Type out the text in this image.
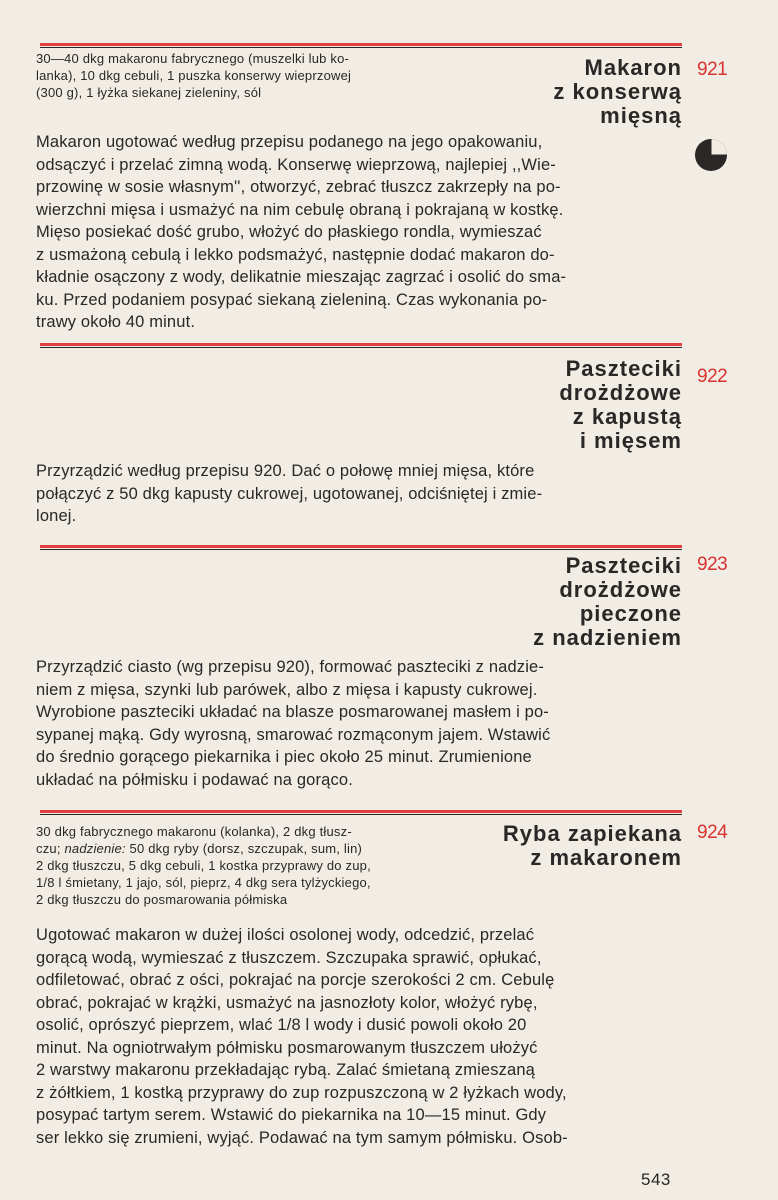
30—40 dkg makaronu fabrycznego (muszelki lub ko-
lanka), 10 dkg cebuli, 1 puszka konserwy wieprzowej
(300 g), 1 łyżka siekanej zieleniny, sól
Makaron
z konserwą
mięsną
921
Makaron ugotować według przepisu podanego na jego opakowaniu,
odsączyć i przelać zimną wodą. Konserwę wieprzową, najlepiej ,,Wie-
przowinę w sosie własnym'', otworzyć, zebrać tłuszcz zakrzepły na po-
wierzchni mięsa i usmażyć na nim cebulę obraną i pokrajaną w kostkę.
Mięso posiekać dość grubo, włożyć do płaskiego rondla, wymieszać
z usmażoną cebulą i lekko podsmażyć, następnie dodać makaron do-
kładnie osączony z wody, delikatnie mieszając zagrzać i osolić do sma-
ku. Przed podaniem posypać siekaną zieleniną. Czas wykonania po-
trawy około 40 minut.
Paszteciki
drożdżowe
z kapustą
i mięsem
922
Przyrządzić według przepisu 920. Dać o połowę mniej mięsa, które
połączyć z 50 dkg kapusty cukrowej, ugotowanej, odciśniętej i zmie-
lonej.
Paszteciki
drożdżowe
pieczone
z nadzieniem
923
Przyrządzić ciasto (wg przepisu 920), formować paszteciki z nadzie-
niem z mięsa, szynki lub parówek, albo z mięsa i kapusty cukrowej.
Wyrobione paszteciki układać na blasze posmarowanej masłem i po-
sypanej mąką. Gdy wyrosną, smarować rozmąconym jajem. Wstawić
do średnio gorącego piekarnika i piec około 25 minut. Zrumienione
układać na półmisku i podawać na gorąco.
30 dkg fabrycznego makaronu (kolanka), 2 dkg tłusz-
czu; nadzienie: 50 dkg ryby (dorsz, szczupak, sum, lin)
2 dkg tłuszczu, 5 dkg cebuli, 1 kostka przyprawy do zup,
1/8 l śmietany, 1 jajo, sól, pieprz, 4 dkg sera tylżyckiego,
2 dkg tłuszczu do posmarowania półmiska
Ryba zapiekana
z makaronem
924
Ugotować makaron w dużej ilości osolonej wody, odcedzić, przelać
gorącą wodą, wymieszać z tłuszczem. Szczupaka sprawić, opłukać,
odfiletować, obrać z ości, pokrajać na porcje szerokości 2 cm. Cebulę
obrać, pokrajać w krążki, usmażyć na jasnozłoty kolor, włożyć rybę,
osolić, oprószyć pieprzem, wlać 1/8 l wody i dusić powoli około 20
minut. Na ogniotrwałym półmisku posmarowanym tłuszczem ułożyć
2 warstwy makaronu przekładając rybą. Zalać śmietaną zmieszaną
z żółtkiem, 1 kostką przyprawy do zup rozpuszczoną w 2 łyżkach wody,
posypać tartym serem. Wstawić do piekarnika na 10—15 minut. Gdy
ser lekko się zrumieni, wyjąć. Podawać na tym samym półmisku. Osob-
543
